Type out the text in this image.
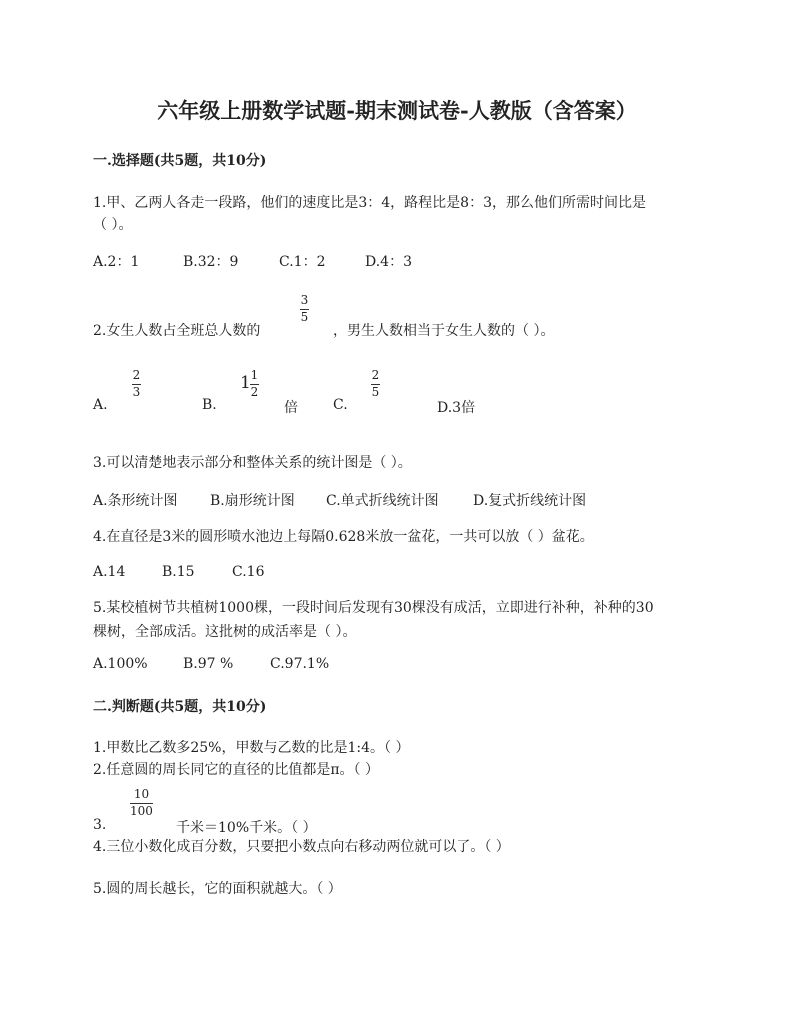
六年级上册数学试题-期末测试卷-人教版（含答案）
一.选择题(共5题，共10分)
1.甲、乙两人各走一段路，他们的速度比是3：4，路程比是8：3，那么他们所需时间比是
（ ）。
A.2：1	B.32：9	C.1：2	D.4：3
2.女生人数占全班总人数的
3
5
，男生人数相当于女生人数的（ ）。
A.
2
3
B.
1 1
2
倍	C.
2
5
D.3倍
3.可以清楚地表示部分和整体关系的统计图是（ ）。
A.条形统计图 B.扇形统计图 C.单式折线统计图 D.复式折线统计图
4.在直径是3米的圆形喷水池边上每隔0.628米放一盆花，一共可以放（ ）盆花。
A.14	B.15	C.16
5.某校植树节共植树1000棵，一段时间后发现有30棵没有成活，立即进行补种，补种的30
棵树，全部成活。这批树的成活率是（ ）。
A.100%	B.97 %	C.97.1%
二.判断题(共5题，共10分)
1.甲数比乙数多25%，甲数与乙数的比是1:4。（ ）
2.任意圆的周长同它的直径的比值都是π。（ ）
3.
10
100
千米＝10%千米。（ ）
4.三位小数化成百分数，只要把小数点向右移动两位就可以了。（ ）
5.圆的周长越长，它的面积就越大。（ ）
